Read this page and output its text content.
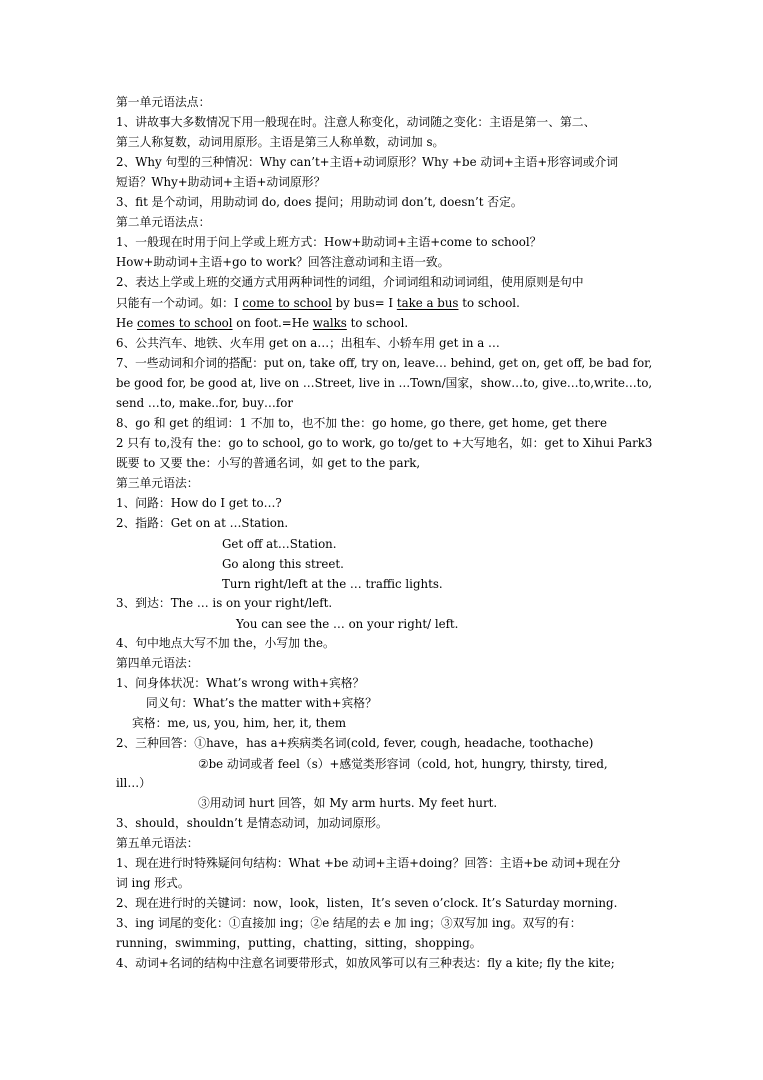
第一单元语法点：
1、讲故事大多数情况下用一般现在时。注意人称变化，动词随之变化：主语是第一、第二、
第三人称复数，动词用原形。主语是第三人称单数，动词加 s。
2、Why 句型的三种情况：Why can’t+主语+动词原形？Why +be 动词+主语+形容词或介词
短语？Why+助动词+主语+动词原形？
3、fit 是个动词，用助动词 do, does 提问；用助动词 don’t, doesn’t 否定。
第二单元语法点：
1、一般现在时用于问上学或上班方式：How+助动词+主语+come to school？
How+助动词+主语+go to work？回答注意动词和主语一致。
2、表达上学或上班的交通方式用两种词性的词组，介词词组和动词词组，使用原则是句中
只能有一个动词。如：I come to school by bus= I take a bus to school.
He comes to school on foot.=He walks to school.
6、公共汽车、地铁、火车用 get on a…；出租车、小轿车用 get in a …
7、一些动词和介词的搭配：put on, take off, try on, leave… behind, get on, get off, be bad for,
be good for, be good at, live on …Street, live in …Town/国家，show…to, give…to,write…to,
send …to, make..for, buy…for
8、go 和 get 的组词：1 不加 to，也不加 the：go home, go there, get home, get there
2 只有 to,没有 the：go to school, go to work, go to/get to +大写地名，如：get to Xihui Park3
既要 to 又要 the：小写的普通名词，如 get to the park,
第三单元语法：
1、问路：How do I get to…?
2、指路：Get on at …Station.
Get off at…Station.
Go along this street.
Turn right/left at the … traffic lights.
3、到达：The … is on your right/left.
You can see the … on your right/ left.
4、句中地点大写不加 the，小写加 the。
第四单元语法：
1、问身体状况：What’s wrong with+宾格？
同义句：What’s the matter with+宾格？
宾格：me, us, you, him, her, it, them
2、三种回答：①have，has a+疾病类名词(cold, fever, cough, headache, toothache)
②be 动词或者 feel（s）+感觉类形容词（cold, hot, hungry, thirsty, tired,
ill…）
③用动词 hurt 回答，如 My arm hurts. My feet hurt.
3、should，shouldn’t 是情态动词，加动词原形。
第五单元语法：
1、现在进行时特殊疑问句结构：What +be 动词+主语+doing？回答：主语+be 动词+现在分
词 ing 形式。
2、现在进行时的关键词：now，look，listen，It’s seven o’clock. It’s Saturday morning.
3、ing 词尾的变化：①直接加 ing；②e 结尾的去 e 加 ing；③双写加 ing。双写的有：
running，swimming，putting，chatting，sitting，shopping。
4、动词+名词的结构中注意名词要带形式，如放风筝可以有三种表达：fly a kite; fly the kite;
